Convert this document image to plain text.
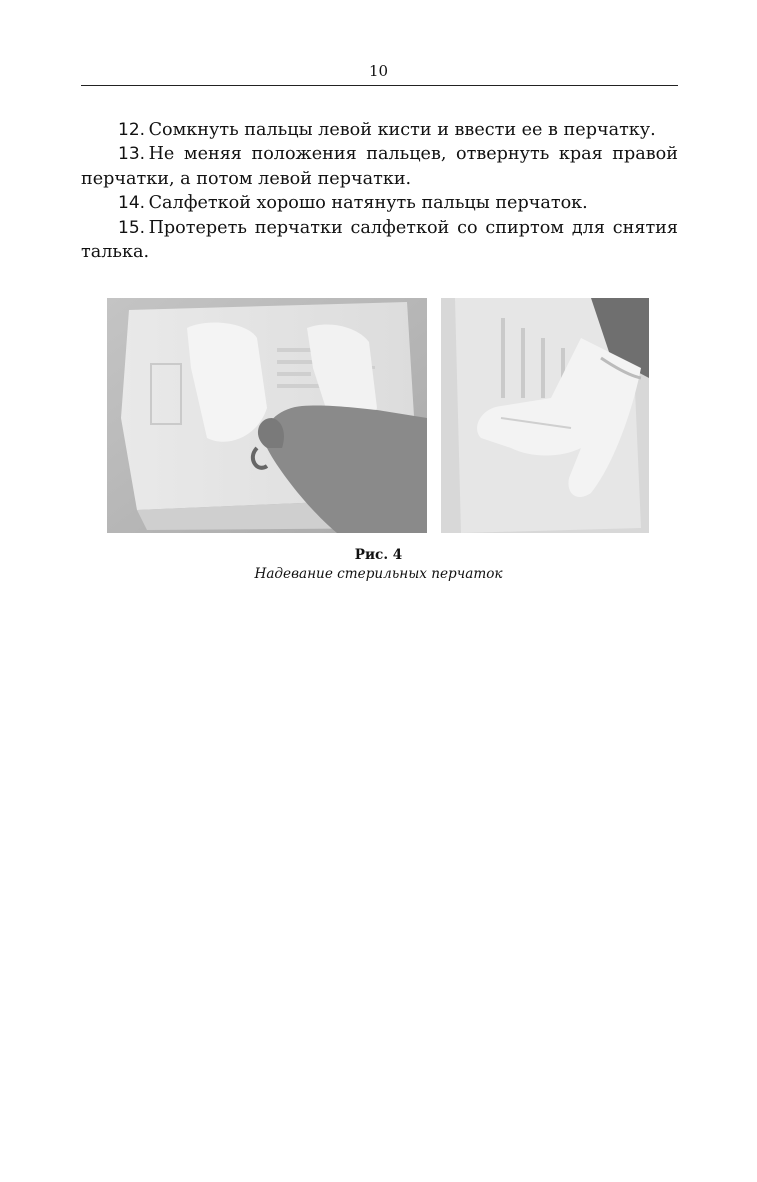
10

12.  Сомкнуть пальцы левой кисти и ввести ее в перчатку.

13.  Не меняя положения пальцев, отвернуть края правой перчатки, а потом левой перчатки.

14.  Салфеткой хорошо натянуть пальцы перчаток.

15.  Протереть перчатки салфеткой со спиртом для снятия талька.

Рис. 4
Надевание стерильных перчаток
